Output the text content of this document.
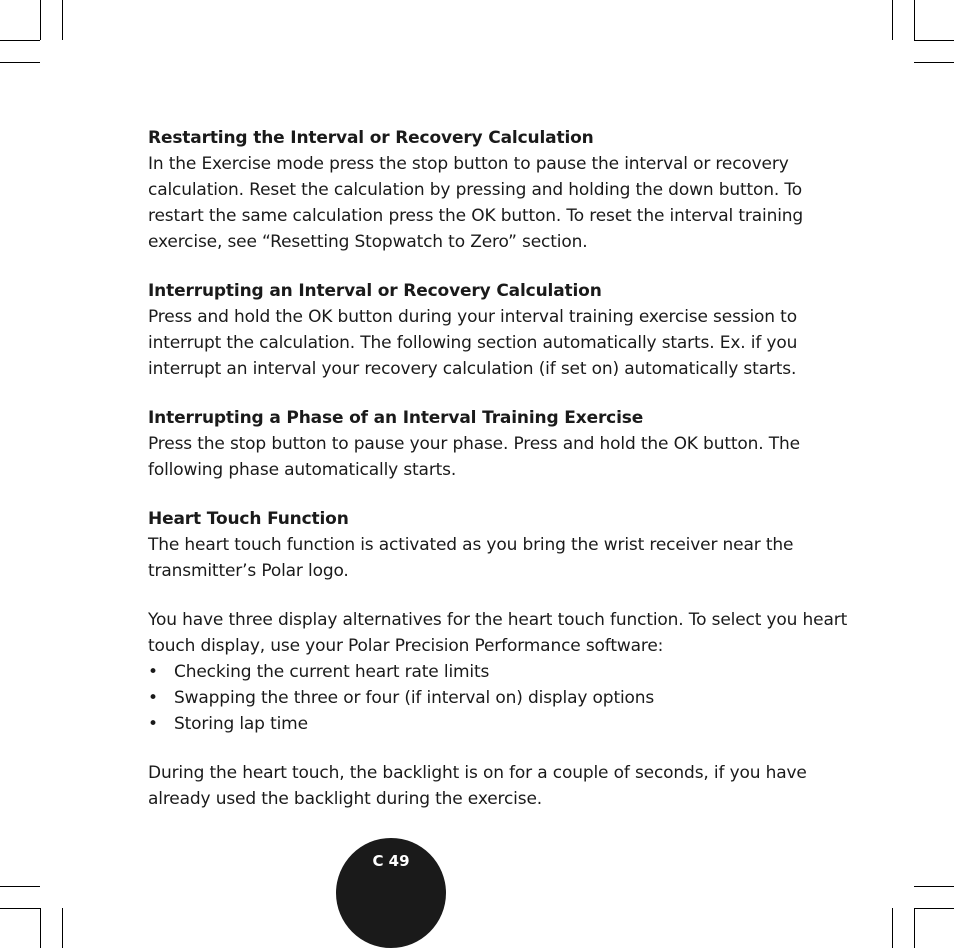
Restarting the Interval or Recovery Calculation

In the Exercise mode press the stop button to pause the interval or recovery calculation. Reset the calculation by pressing and holding the down button. To restart the same calculation press the OK button. To reset the interval training exercise, see “Resetting Stopwatch to Zero” section.

Interrupting an Interval or Recovery Calculation

Press and hold the OK button during your interval training exercise session to interrupt the calculation. The following section automatically starts. Ex. if you interrupt an interval your recovery calculation (if set on) automatically starts.

Interrupting a Phase of an Interval Training Exercise

Press the stop button to pause your phase. Press and hold the OK button. The following phase automatically starts.

Heart Touch Function

The heart touch function is activated as you bring the wrist receiver near the transmitter’s Polar logo.

You have three display alternatives for the heart touch function. To select you heart touch display, use your Polar Precision Performance software:

• Checking the current heart rate limits
• Swapping the three or four (if interval on) display options
• Storing lap time

During the heart touch, the backlight is on for a couple of seconds, if you have already used the backlight during the exercise.

C 49
